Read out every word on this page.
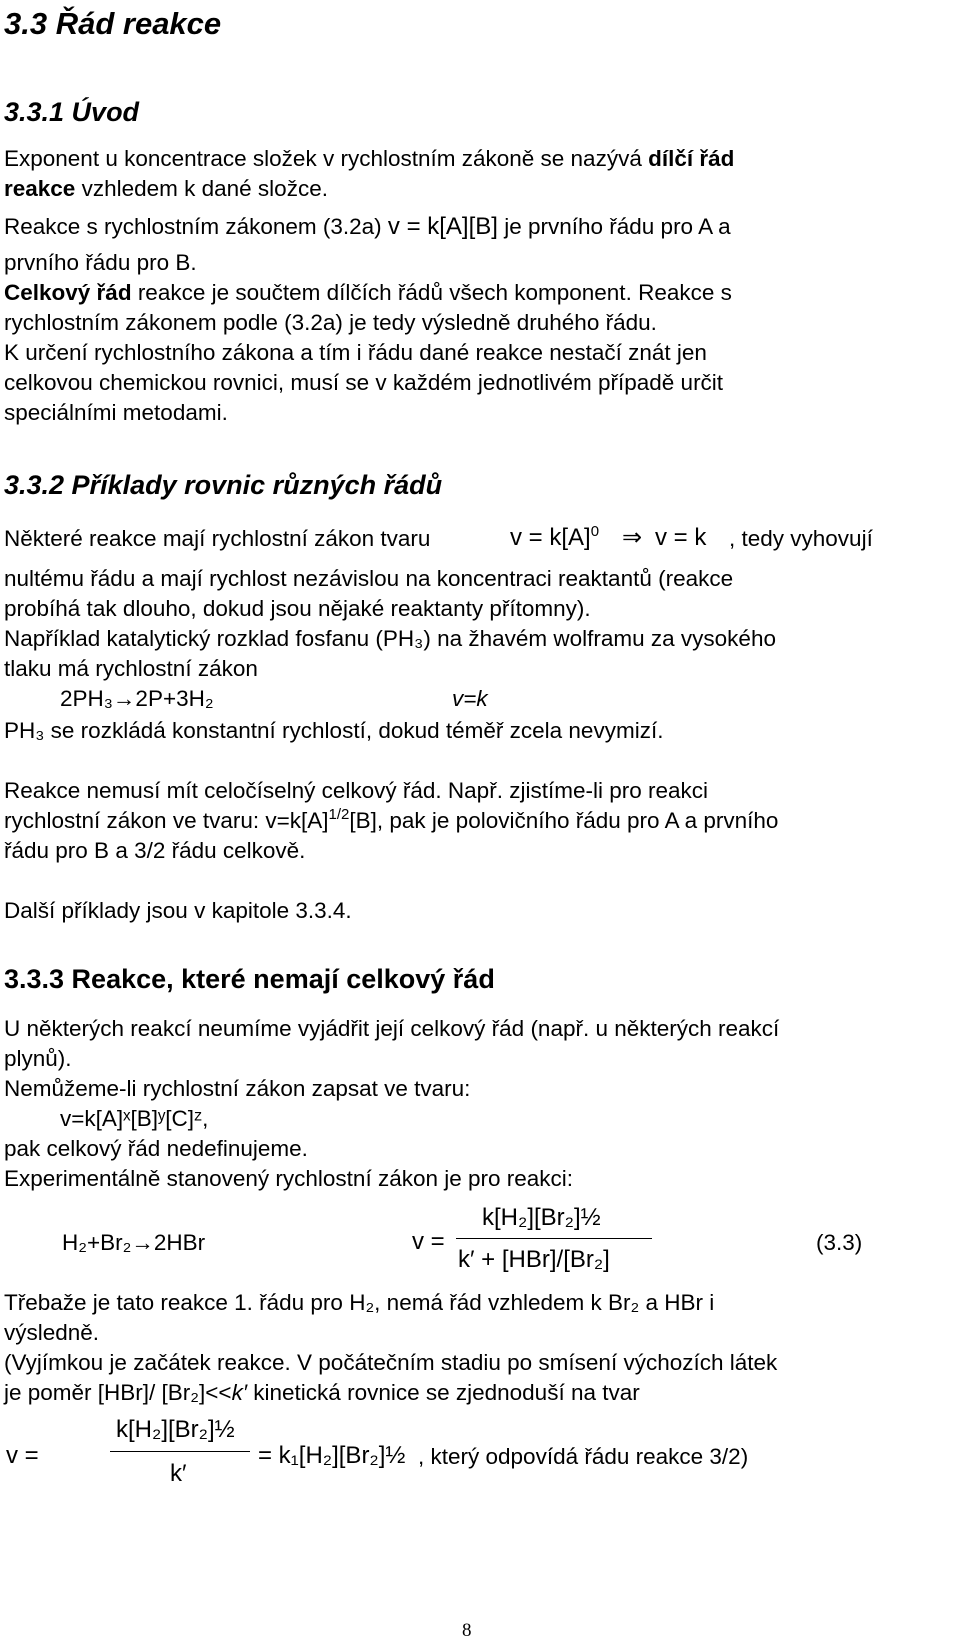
3.3 Řád reakce
3.3.1 Úvod
Exponent u koncentrace složek v rychlostním zákoně se nazývá dílčí řád
reakce vzhledem k dané složce.
Reakce s rychlostním zákonem (3.2a) v = k[A][B] je prvního řádu pro A a
prvního řádu pro B.
Celkový řád reakce je součtem dílčích řádů všech komponent. Reakce s
rychlostním zákonem podle (3.2a) je tedy výsledně druhého řádu.
K určení rychlostního zákona a tím i řádu dané reakce nestačí znát jen
celkovou chemickou rovnici, musí se v každém jednotlivém případě určit
speciálními metodami.
3.3.2 Příklady rovnic různých řádů
Některé reakce mají rychlostní zákon tvaru	$v = k[A]^0$ ⇒ v = k , tedy vyhovují
nultému řádu a mají rychlost nezávislou na koncentraci reaktantů (reakce
probíhá tak dlouho, dokud jsou nějaké reaktanty přítomny).
Například katalytický rozklad fosfanu (PH₃) na žhavém wolframu za vysokého
tlaku má rychlostní zákon
2PH₃→2P+3H₂	v=k
PH₃ se rozkládá konstantní rychlostí, dokud téměř zcela nevymizí.
Reakce nemusí mít celočíselný celkový řád. Např. zjistíme-li pro reakci
rychlostní zákon ve tvaru: $v=k[A]^{1/2}[B]$, pak je polovičního řádu pro A a prvního
řádu pro B a 3/2 řádu celkově.
Další příklady jsou v kapitole 3.3.4.
3.3.3 Reakce, které nemají celkový řád
U některých reakcí neumíme vyjádřit její celkový řád (např. u některých reakcí
plynů).
Nemůžeme-li rychlostní zákon zapsat ve tvaru:
v=k[A]ˣ[B]ʸ[C]ᶻ,
pak celkový řád nedefinujeme.
Experimentálně stanovený rychlostní zákon je pro reakci:
H₂+Br₂→2HBr	v =
k[H₂][Br₂]½
k′ + [HBr]/[Br₂]
(3.3)
Třebaže je tato reakce 1. řádu pro H₂, nemá řád vzhledem k Br₂ a HBr i
výsledně.
(Vyjímkou je začátek reakce. V počátečním stadiu po smísení výchozích látek
je poměr [HBr]/ [Br₂]<<k′ kinetická rovnice se zjednoduší na tvar
v =
k[H₂][Br₂]½
k′
= k₁[H₂][Br₂]½ , který odpovídá řádu reakce 3/2)
8
